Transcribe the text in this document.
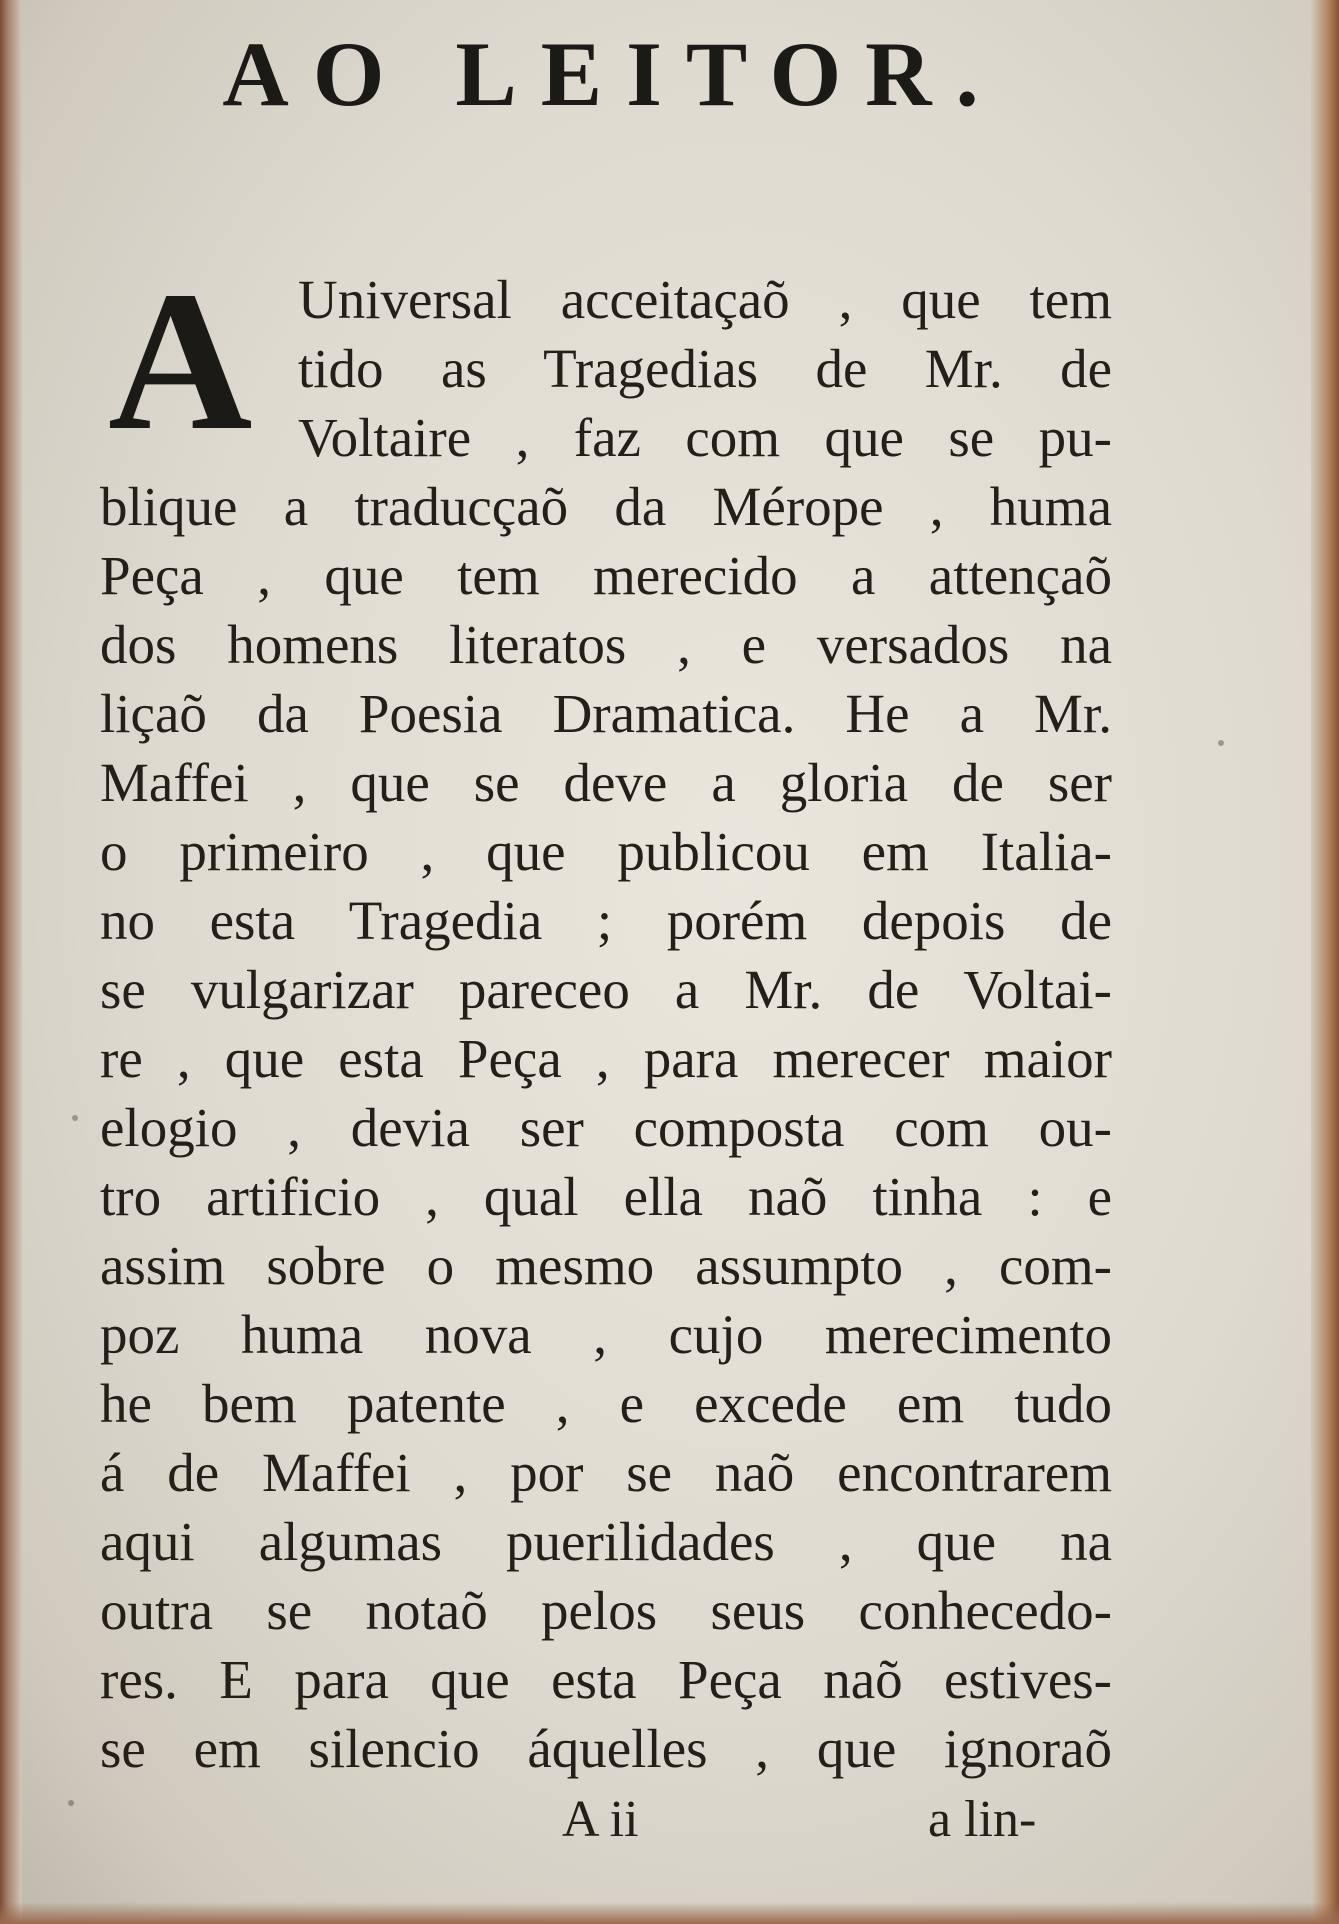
AO LEITOR.
A Universal acceitaçaõ , que tem
tido as Tragedias de Mr. de
Voltaire , faz com que se pu-
blique a traducçaõ da Mérope , huma
Peça , que tem merecido a attençaõ
dos homens literatos , e versados na
liçaõ da Poesia Dramatica. He a Mr.
Maffei , que se deve a gloria de ser
o primeiro , que publicou em Italia-
no esta Tragedia ; porém depois de
se vulgarizar pareceo a Mr. de Voltai-
re , que esta Peça , para merecer maior
elogio , devia ser composta com ou-
tro artificio , qual ella naõ tinha : e
assim sobre o mesmo assumpto , com-
poz huma nova , cujo merecimento
he bem patente , e excede em tudo
á de Maffei , por se naõ encontrarem
aqui algumas puerilidades , que na
outra se notaõ pelos seus conhecedo-
res. E para que esta Peça naõ estives-
se em silencio áquelles , que ignoraõ
A ii	a lin-
